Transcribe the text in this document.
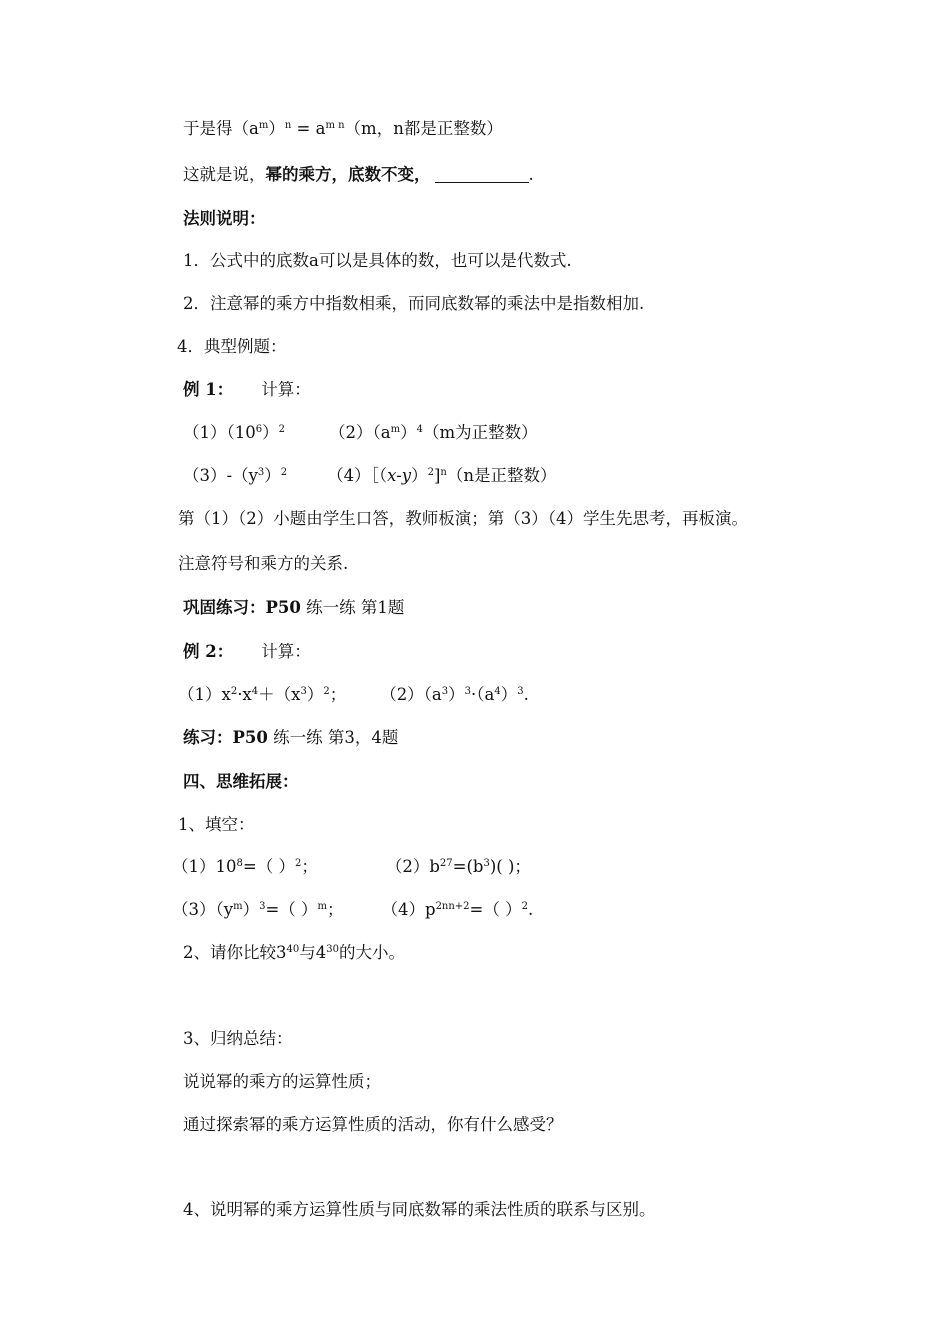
于是得$(a^m)^n = a^{m n}(m$，n都是正整数）
这就是说，幂的乘方，底数不变，	.
法则说明：
1．公式中的底数a可以是具体的数，也可以是代数式.
2．注意幂的乘方中指数相乘，而同底数幂的乘法中是指数相加.
4．典型例题：
例 1： 计算：
$(1)(10^6)^2$	$(2)(a^m)^4(m$为正整数）
$(3)-(y^3)^2$ $(4)[(x-y)^2]^n(n$是正整数）
第（1）（2）小题由学生口答，教师板演；第（3）（4）学生先思考，再板演。
注意符号和乘方的关系.
巩固练习：P50 练一练 第1题
例 2： 计算：
$(1)x^2\cdot x^4+(x^3)^2$； $(2)(a^3)^3\cdot(a^4)^3$.
练习：P50 练一练 第3，4题
四、思维拓展：
1、填空：
$(1)10^8=$（ ）$^2$；	$(2)b^{27}=(b^3)$( )；
$(3)(y^m)^3=$（ ）$^m$； $(4)p^{2nn+2}=$（ ）$^2$.
2、请你比较$3^{40}$与$4^{30}$的大小。
3、归纳总结：
说说幂的乘方的运算性质；
通过探索幂的乘方运算性质的活动，你有什么感受？
4、说明幂的乘方运算性质与同底数幂的乘法性质的联系与区别。
